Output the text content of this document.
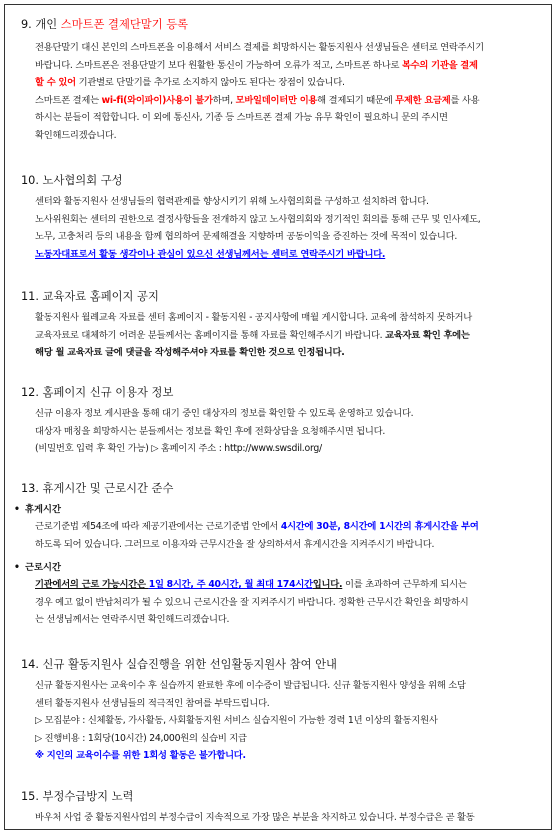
9. 개인 스마트폰 결제단말기 등록
전용단말기 대신 본인의 스마트폰을 이용해서 서비스 결제를 희망하시는 활동지원사 선생님들은 센터로 연락주시기
바랍니다. 스마트폰은 전용단말기 보다 원활한 통신이 가능하여 오류가 적고, 스마트폰 하나로 복수의 기관을 결제
할 수 있어 기관별로 단말기를 추가로 소지하지 않아도 된다는 장점이 있습니다.
스마트폰 결제는 wi-fi(와이파이)사용이 불가하며, 모바일데이터만 이용해 결제되기 때문에 무제한 요금제를 사용
하시는 분들이 적합합니다. 이 외에 통신사, 기종 등 스마트폰 결제 가능 유무 확인이 필요하니 문의 주시면
확인해드리겠습니다.
10. 노사협의회 구성
센터와 활동지원사 선생님들의 협력관계를 향상시키기 위해 노사협의회를 구성하고 설치하려 합니다.
노사위원회는 센터의 권한으로 결정사항들을 전개하지 않고 노사협의회와 정기적인 회의를 통해 근무 및 인사제도,
노무, 고충처리 등의 내용을 함께 협의하여 문제해결을 지향하며 공동이익을 증진하는 것에 목적이 있습니다.
노동자대표로서 활동 생각이나 관심이 있으신 선생님께서는 센터로 연락주시기 바랍니다.
11. 교육자료 홈페이지 공지
활동지원사 월례교육 자료를 센터 홈페이지 - 활동지원 - 공지사항에 매월 게시합니다. 교육에 참석하지 못하거나
교육자료로 대체하기 어려운 분들께서는 홈페이지를 통해 자료를 확인해주시기 바랍니다. 교육자료 확인 후에는
해당 월 교육자료 글에 댓글을 작성해주셔야 자료를 확인한 것으로 인정됩니다.
12. 홈페이지 신규 이용자 정보
신규 이용자 정보 게시판을 통해 대기 중인 대상자의 정보를 확인할 수 있도록 운영하고 있습니다.
대상자 매칭을 희망하시는 분들께서는 정보를 확인 후에 전화상담을 요청해주시면 됩니다.
(비밀번호 입력 후 확인 가능) ▷ 홈페이지 주소 : http://www.swsdil.org/
13. 휴게시간 및 근로시간 준수
• 휴게시간
근로기준법 제54조에 따라 제공기관에서는 근로기준법 안에서 4시간에 30분, 8시간에 1시간의 휴게시간을 부여
하도록 되어 있습니다. 그러므로 이용자와 근무시간을 잘 상의하셔서 휴게시간을 지켜주시기 바랍니다.
• 근로시간
기관에서의 근로 가능시간은 1일 8시간, 주 40시간, 월 최대 174시간입니다. 이를 초과하여 근무하게 되시는
경우 예고 없이 반납처리가 될 수 있으니 근로시간을 잘 지켜주시기 바랍니다. 정확한 근무시간 확인을 희망하시
는 선생님께서는 연락주시면 확인해드리겠습니다.
14. 신규 활동지원사 실습진행을 위한 선임활동지원사 참여 안내
신규 활동지원사는 교육이수 후 실습까지 완료한 후에 이수증이 발급됩니다. 신규 활동지원사 양성을 위해 소담
센터 활동지원사 선생님들의 적극적인 참여를 부탁드립니다.
▷ 모집분야 : 신체활동, 가사활동, 사회활동지원 서비스 실습지원이 가능한 경력 1년 이상의 활동지원사
▷ 진행비용 : 1회당(10시간) 24,000원의 실습비 지급
※ 지인의 교육이수를 위한 1회성 활동은 불가합니다.
15. 부정수급방지 노력
바우처 사업 중 활동지원사업의 부정수급이 지속적으로 가장 많은 부분을 차지하고 있습니다. 부정수급은 곧 활동
